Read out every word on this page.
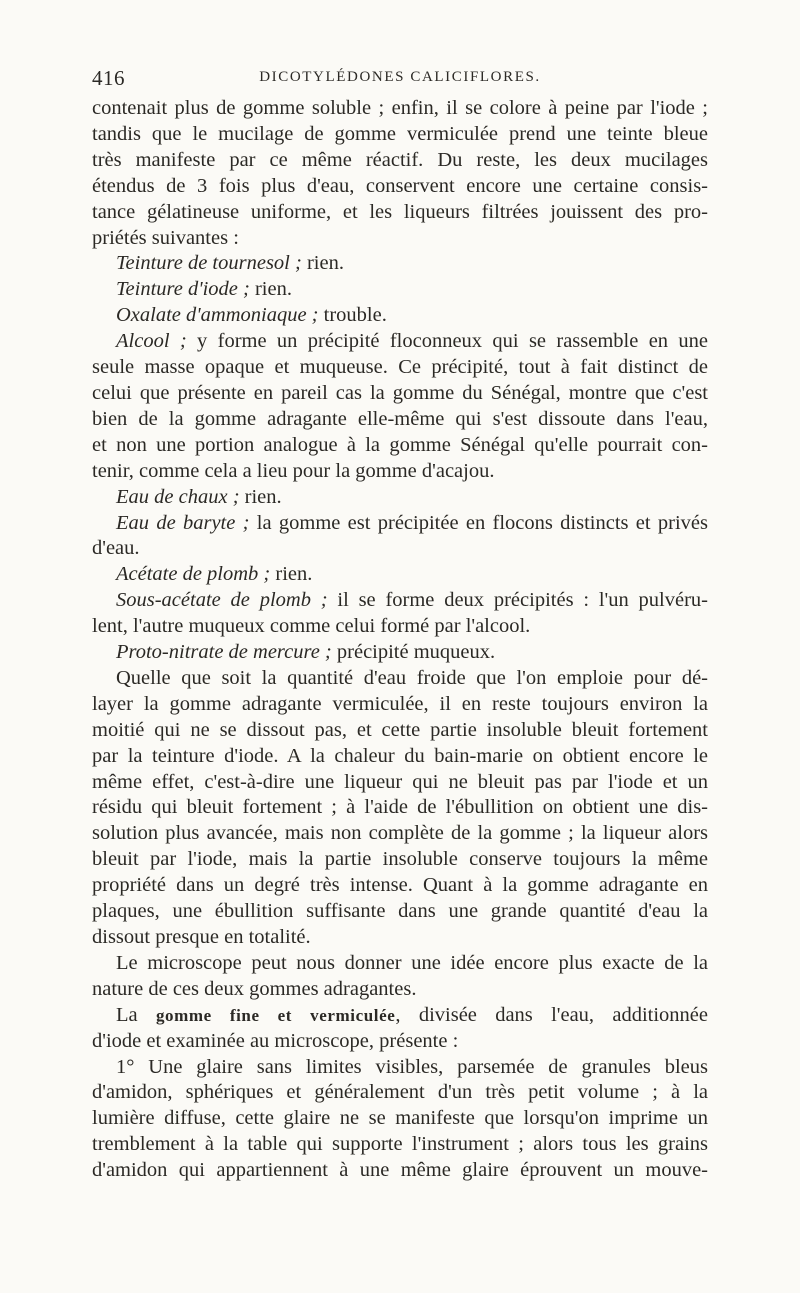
416	DICOTYLÉDONES CALICIFLORES.
contenait plus de gomme soluble ; enfin, il se colore à peine par l'iode ;
tandis que le mucilage de gomme vermiculée prend une teinte bleue
très manifeste par ce même réactif. Du reste, les deux mucilages
étendus de 3 fois plus d'eau, conservent encore une certaine consis-
tance gélatineuse uniforme, et les liqueurs filtrées jouissent des pro-
priétés suivantes :
Teinture de tournesol ; rien.
Teinture d'iode ; rien.
Oxalate d'ammoniaque ; trouble.
Alcool ; y forme un précipité floconneux qui se rassemble en une
seule masse opaque et muqueuse. Ce précipité, tout à fait distinct de
celui que présente en pareil cas la gomme du Sénégal, montre que c'est
bien de la gomme adragante elle-même qui s'est dissoute dans l'eau,
et non une portion analogue à la gomme Sénégal qu'elle pourrait con-
tenir, comme cela a lieu pour la gomme d'acajou.
Eau de chaux ; rien.
Eau de baryte ; la gomme est précipitée en flocons distincts et privés
d'eau.
Acétate de plomb ; rien.
Sous-acétate de plomb ; il se forme deux précipités : l'un pulvéru-
lent, l'autre muqueux comme celui formé par l'alcool.
Proto-nitrate de mercure ; précipité muqueux.
Quelle que soit la quantité d'eau froide que l'on emploie pour dé-
layer la gomme adragante vermiculée, il en reste toujours environ la
moitié qui ne se dissout pas, et cette partie insoluble bleuit fortement
par la teinture d'iode. A la chaleur du bain-marie on obtient encore le
même effet, c'est-à-dire une liqueur qui ne bleuit pas par l'iode et un
résidu qui bleuit fortement ; à l'aide de l'ébullition on obtient une dis-
solution plus avancée, mais non complète de la gomme ; la liqueur alors
bleuit par l'iode, mais la partie insoluble conserve toujours la même
propriété dans un degré très intense. Quant à la gomme adragante en
plaques, une ébullition suffisante dans une grande quantité d'eau la
dissout presque en totalité.
Le microscope peut nous donner une idée encore plus exacte de la
nature de ces deux gommes adragantes.
La gomme fine et vermiculée, divisée dans l'eau, additionnée
d'iode et examinée au microscope, présente :
1° Une glaire sans limites visibles, parsemée de granules bleus
d'amidon, sphériques et généralement d'un très petit volume ; à la
lumière diffuse, cette glaire ne se manifeste que lorsqu'on imprime un
tremblement à la table qui supporte l'instrument ; alors tous les grains
d'amidon qui appartiennent à une même glaire éprouvent un mouve-
